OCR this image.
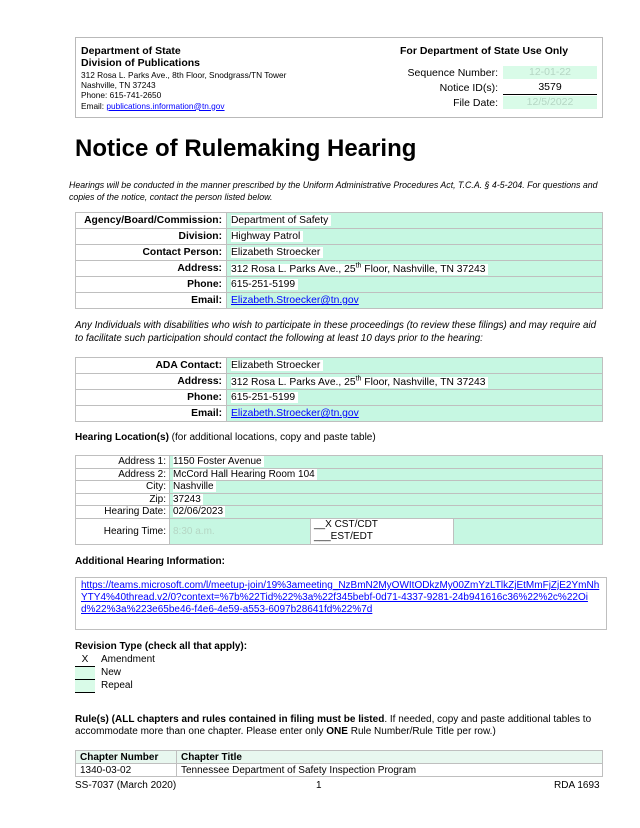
Department of State
Division of Publications
312 Rosa L. Parks Ave., 8th Floor, Snodgrass/TN Tower
Nashville, TN 37243
Phone: 615-741-2650
Email: publications.information@tn.gov
For Department of State Use Only
Sequence Number:	12-01-22
Notice ID(s):	3579
File Date:	12/5/2022
Notice of Rulemaking Hearing
Hearings will be conducted in the manner prescribed by the Uniform Administrative Procedures Act, T.C.A. § 4-5-204. For questions and copies of the notice, contact the person listed below.
Agency/Board/Commission:	Department of Safety
Division:	Highway Patrol
Contact Person:	Elizabeth Stroecker
Address:	312 Rosa L. Parks Ave., 25th Floor, Nashville, TN 37243
Phone:	615-251-5199
Email:	Elizabeth.Stroecker@tn.gov
Any Individuals with disabilities who wish to participate in these proceedings (to review these filings) and may require aid to facilitate such participation should contact the following at least 10 days prior to the hearing:
ADA Contact:	Elizabeth Stroecker
Address:	312 Rosa L. Parks Ave., 25th Floor, Nashville, TN 37243
Phone:	615-251-5199
Email:	Elizabeth.Stroecker@tn.gov
Hearing Location(s) (for additional locations, copy and paste table)
Address 1:	1150 Foster Avenue		
Address 2:	McCord Hall Hearing Room 104		
City:	Nashville		
Zip:	37243		
Hearing Date:	02/06/2023		
Hearing Time:	8:30 a.m.	__X CST/CDT
___EST/EDT	

Additional Hearing Information:
https://teams.microsoft.com/l/meetup-join/19%3ameeting_NzBmN2MyOWItODkzMy00ZmYzLTlkZjEtMmFjZjE2YmNhYTY4%40thread.v2/0?context=%7b%22Tid%22%3a%22f345bebf-0d71-4337-9281-24b941616c36%22%2c%22Oid%22%3a%223e65be46-f4e6-4e59-a553-6097b28641fd%22%7d
Revision Type (check all that apply):
X Amendment
New
Repeal
Rule(s) (ALL chapters and rules contained in filing must be listed. If needed, copy and paste additional tables to accommodate more than one chapter. Please enter only ONE Rule Number/Rule Title per row.)
Chapter Number	Chapter Title
1340-03-02	Tennessee Department of Safety Inspection Program
SS-7037 (March 2020)	1	RDA 1693
